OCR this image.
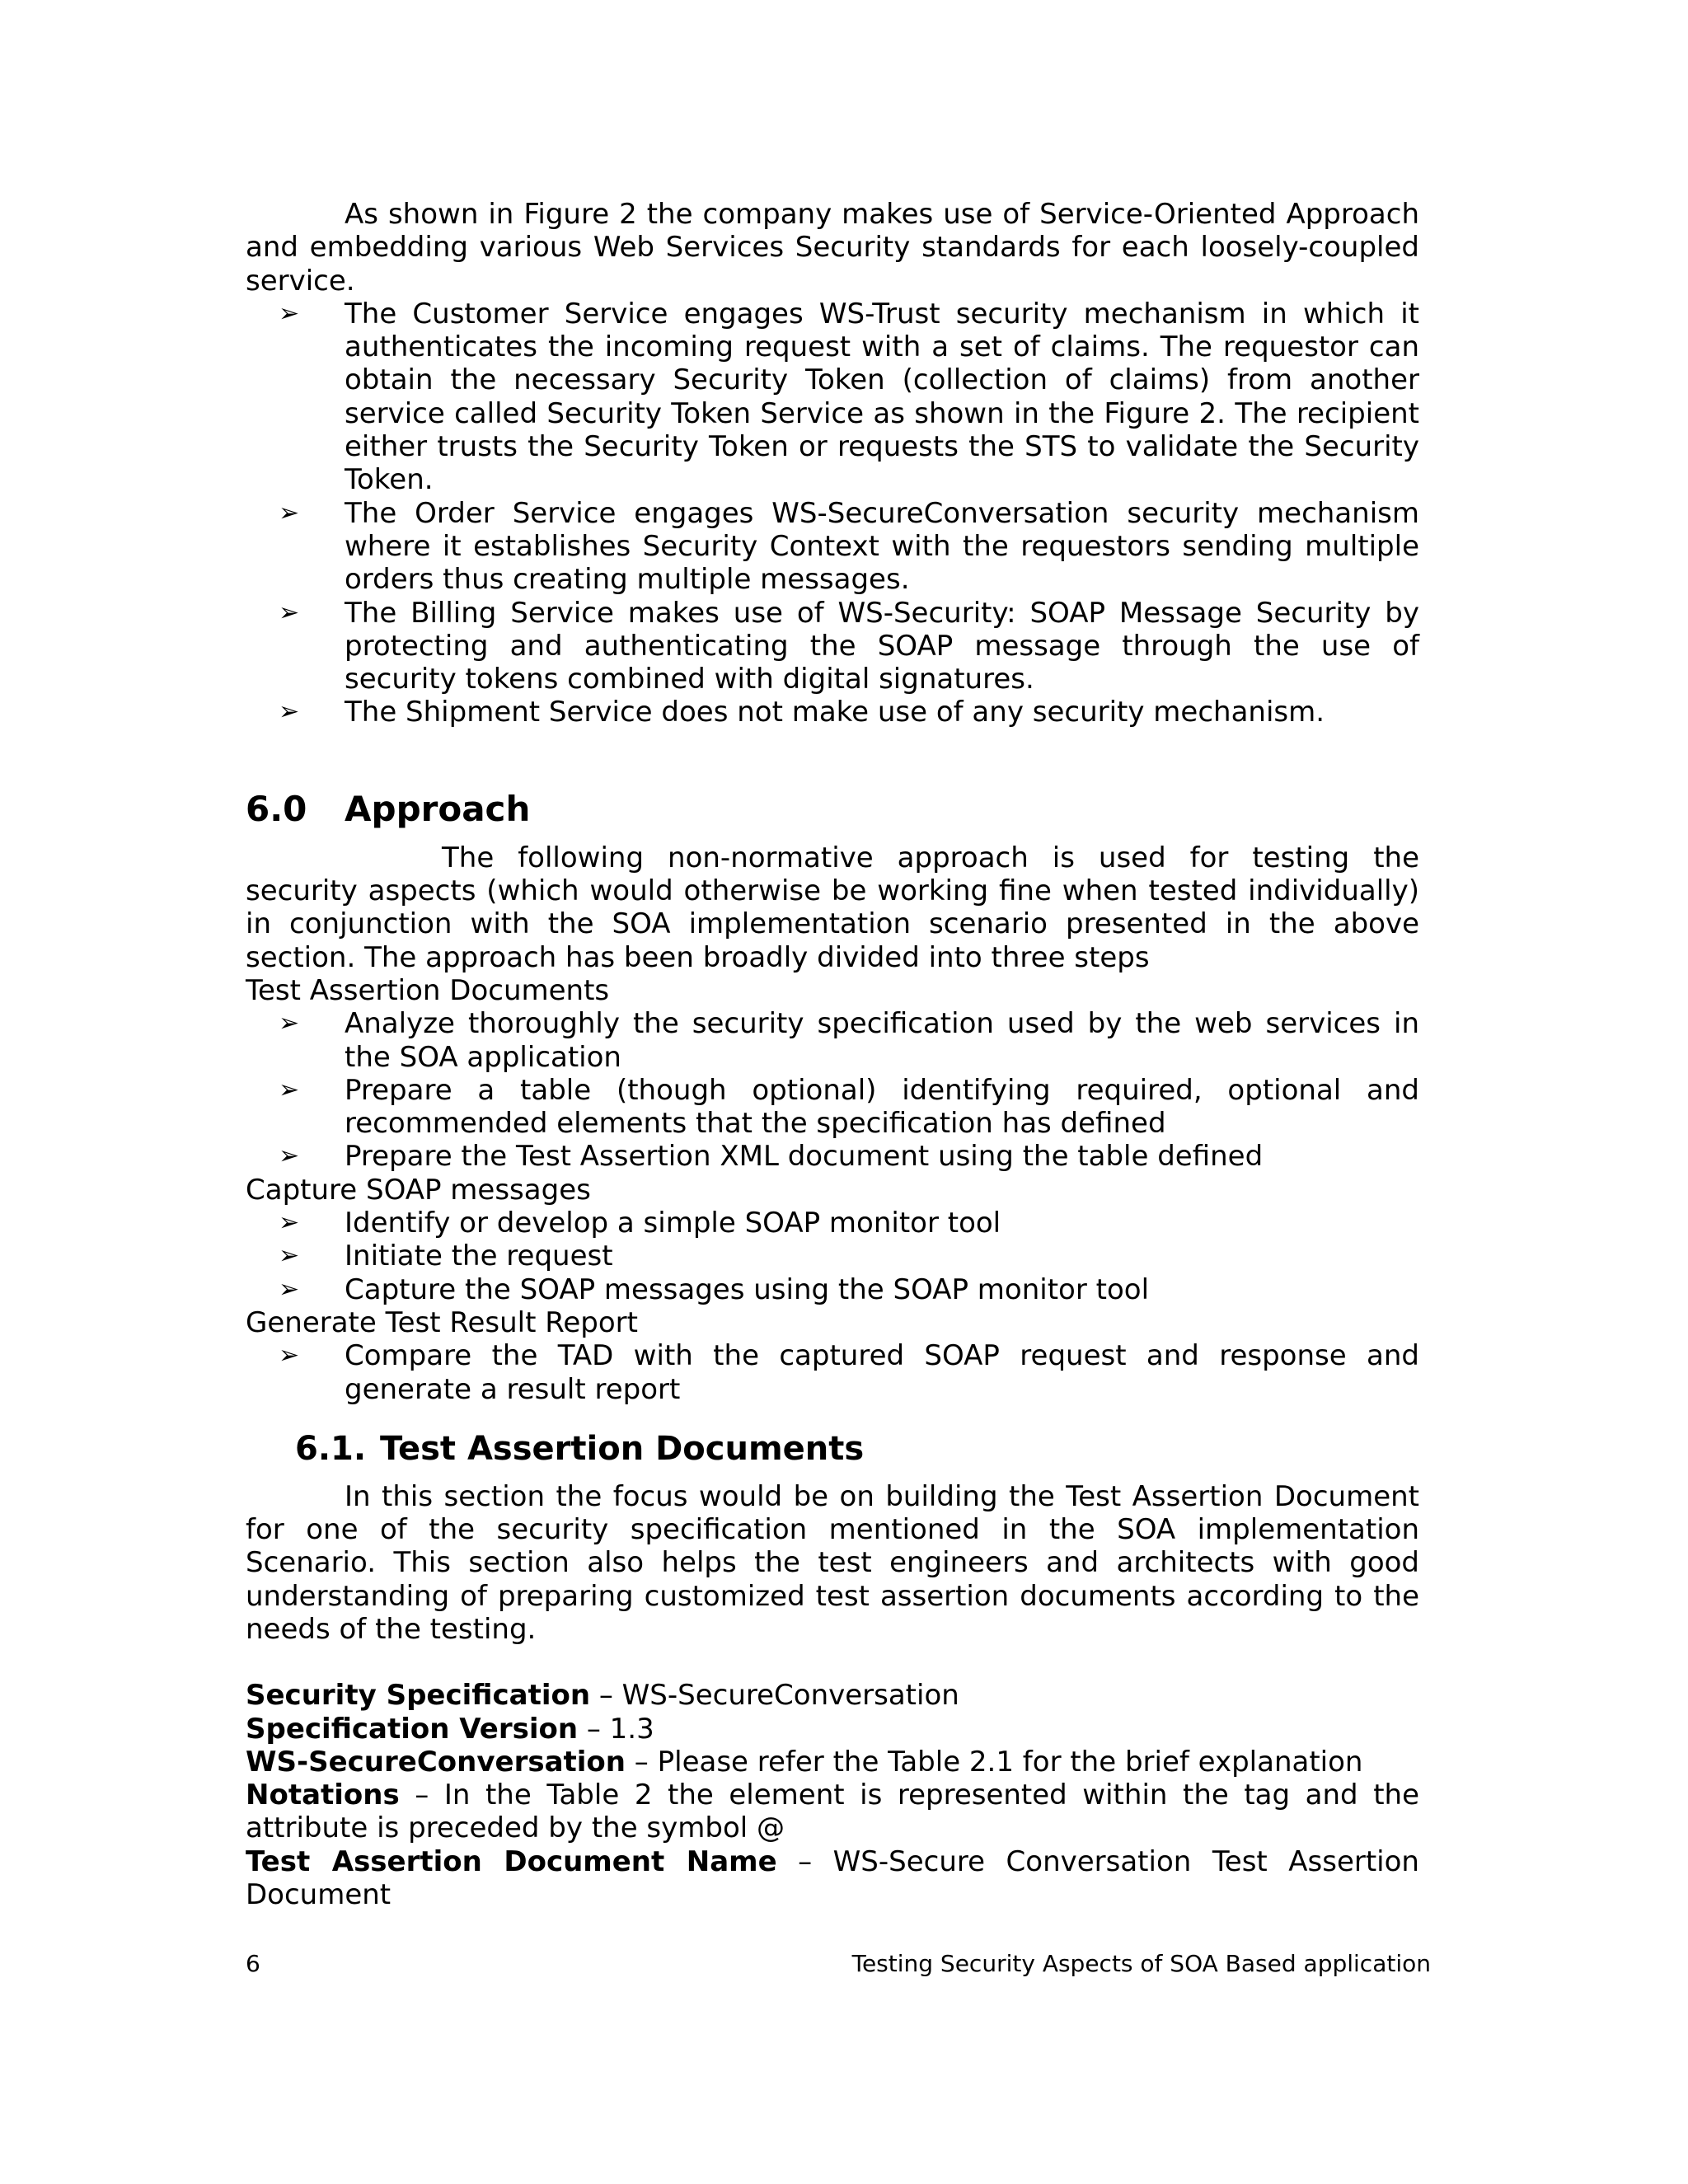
As shown in Figure 2 the company makes use of Service-Oriented Approach and embedding various Web Services Security standards for each loosely-coupled service.

➢ The Customer Service engages WS-Trust security mechanism in which it authenticates the incoming request with a set of claims. The requestor can obtain the necessary Security Token (collection of claims) from another service called Security Token Service as shown in the Figure 2. The recipient either trusts the Security Token or requests the STS to validate the Security Token.
➢ The Order Service engages WS-SecureConversation security mechanism where it establishes Security Context with the requestors sending multiple orders thus creating multiple messages.
➢ The Billing Service makes use of WS-Security: SOAP Message Security by protecting and authenticating the SOAP message through the use of security tokens combined with digital signatures.
➢ The Shipment Service does not make use of any security mechanism.
6.0 Approach

The following non-normative approach is used for testing the security aspects (which would otherwise be working fine when tested individually) in conjunction with the SOA implementation scenario presented in the above section. The approach has been broadly divided into three steps

Test Assertion Documents

➢ Analyze thoroughly the security specification used by the web services in the SOA application
➢ Prepare a table (though optional) identifying required, optional and recommended elements that the specification has defined
➢ Prepare the Test Assertion XML document using the table defined

Capture SOAP messages

➢ Identify or develop a simple SOAP monitor tool
➢ Initiate the request
➢ Capture the SOAP messages using the SOAP monitor tool

Generate Test Result Report

➢ Compare the TAD with the captured SOAP request and response and generate a result report
6.1. Test Assertion Documents

In this section the focus would be on building the Test Assertion Document for one of the security specification mentioned in the SOA implementation Scenario. This section also helps the test engineers and architects with good understanding of preparing customized test assertion documents according to the needs of the testing.

Security Specification – WS-SecureConversation

Specification Version – 1.3

WS-SecureConversation – Please refer the Table 2.1 for the brief explanation

Notations – In the Table 2 the element is represented within the tag and the attribute is preceded by the symbol @

Test Assertion Document Name – WS-Secure Conversation Test Assertion Document

6	Testing Security Aspects of SOA Based application
